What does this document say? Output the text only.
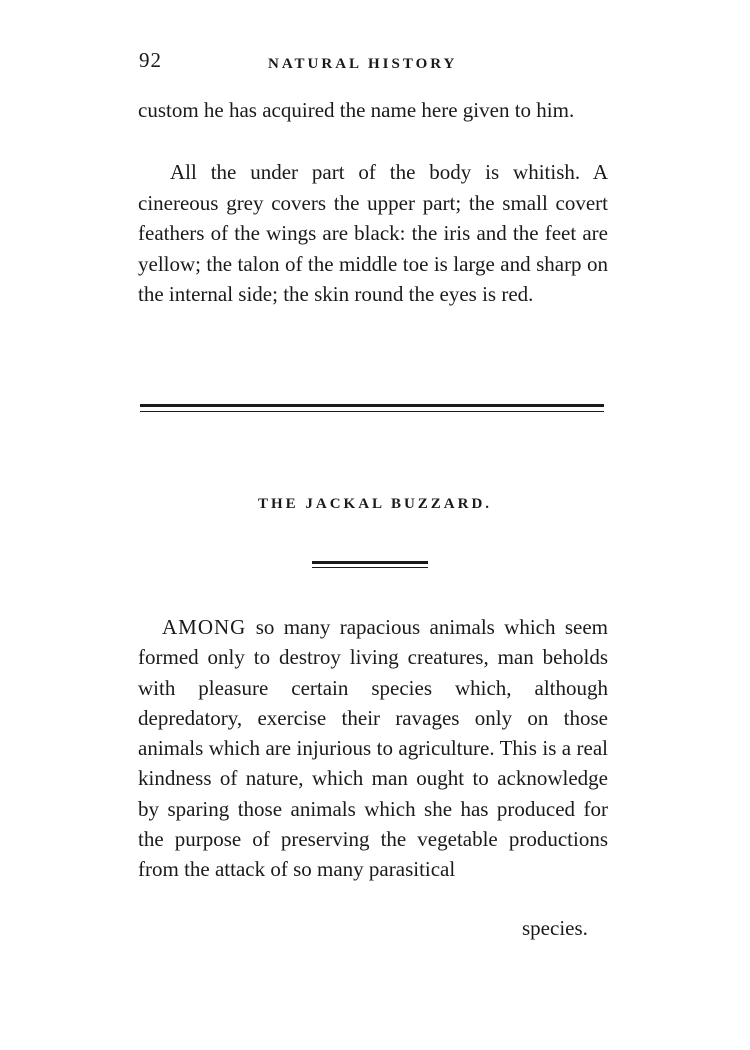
92	NATURAL HISTORY

custom he has acquired the name here given to him.

All the under part of the body is whitish. A cinereous grey covers the upper part; the small covert feathers of the wings are black: the iris and the feet are yellow; the talon of the middle toe is large and sharp on the internal side; the skin round the eyes is red.

THE JACKAL BUZZARD.

AMONG so many rapacious animals which seem formed only to destroy living creatures, man beholds with pleasure certain species which, although depredatory, exercise their ravages only on those animals which are injurious to agriculture. This is a real kindness of nature, which man ought to acknowledge by sparing those animals which she has produced for the purpose of preserving the vegetable productions from the attack of so many parasitical

species.
